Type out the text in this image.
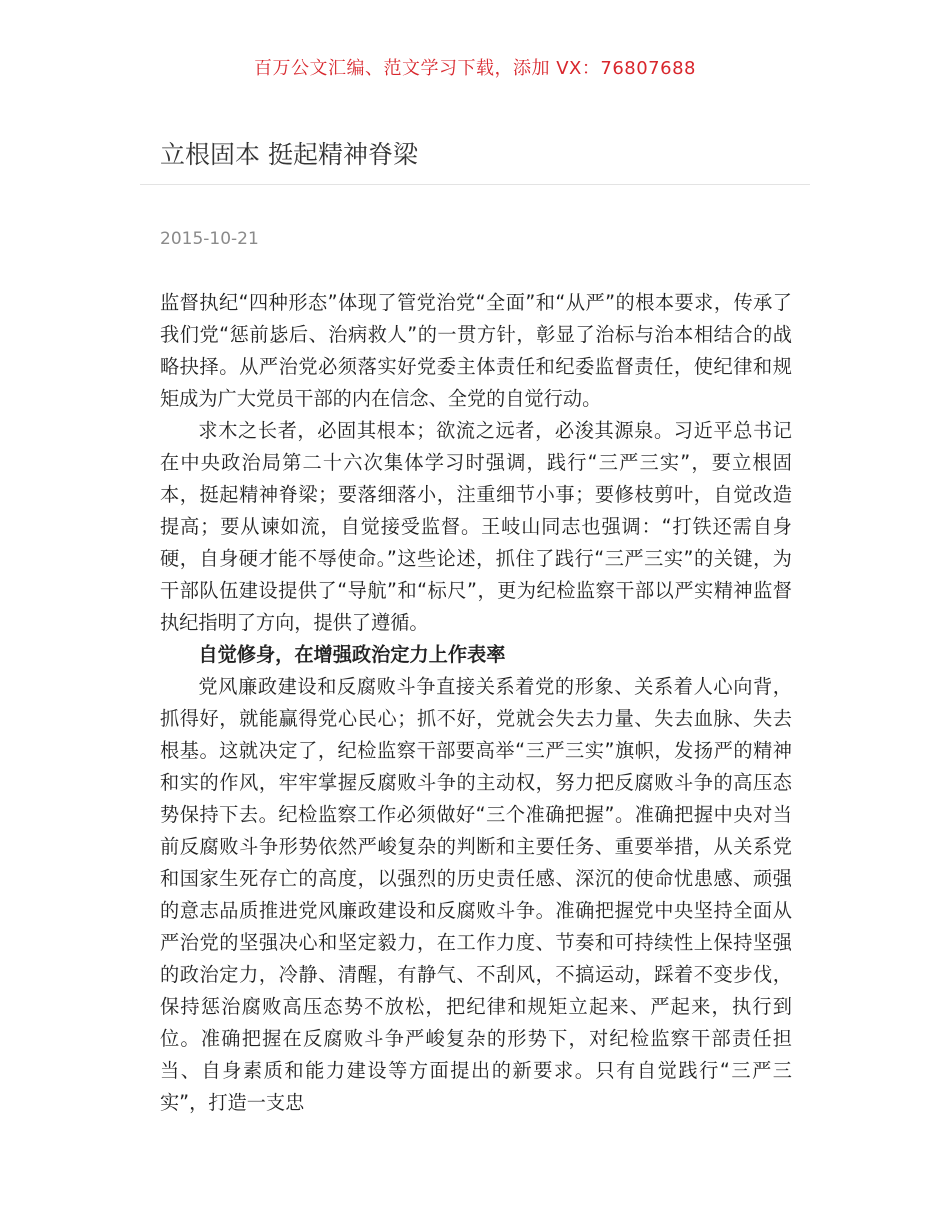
百万公文汇编、范文学习下载，添加 VX：76807688
立根固本 挺起精神脊梁
2015-10-21

监督执纪“四种形态”体现了管党治党“全面”和“从严”的根本要求，传承了我们党“惩前毖后、治病救人”的一贯方针，彰显了治标与治本相结合的战略抉择。从严治党必须落实好党委主体责任和纪委监督责任，使纪律和规矩成为广大党员干部的内在信念、全党的自觉行动。

求木之长者，必固其根本；欲流之远者，必浚其源泉。习近平总书记在中央政治局第二十六次集体学习时强调，践行“三严三实”，要立根固本，挺起精神脊梁；要落细落小，注重细节小事；要修枝剪叶，自觉改造提高；要从谏如流，自觉接受监督。王岐山同志也强调：“打铁还需自身硬，自身硬才能不辱使命。”这些论述，抓住了践行“三严三实”的关键，为干部队伍建设提供了“导航”和“标尺”，更为纪检监察干部以严实精神监督执纪指明了方向，提供了遵循。

自觉修身，在增强政治定力上作表率

党风廉政建设和反腐败斗争直接关系着党的形象、关系着人心向背，抓得好，就能赢得党心民心；抓不好，党就会失去力量、失去血脉、失去根基。这就决定了，纪检监察干部要高举“三严三实”旗帜，发扬严的精神和实的作风，牢牢掌握反腐败斗争的主动权，努力把反腐败斗争的高压态势保持下去。纪检监察工作必须做好“三个准确把握”。准确把握中央对当前反腐败斗争形势依然严峻复杂的判断和主要任务、重要举措，从关系党和国家生死存亡的高度，以强烈的历史责任感、深沉的使命忧患感、顽强的意志品质推进党风廉政建设和反腐败斗争。准确把握党中央坚持全面从严治党的坚强决心和坚定毅力，在工作力度、节奏和可持续性上保持坚强的政治定力，冷静、清醒，有静气、不刮风，不搞运动，踩着不变步伐，保持惩治腐败高压态势不放松，把纪律和规矩立起来、严起来，执行到位。准确把握在反腐败斗争严峻复杂的形势下，对纪检监察干部责任担当、自身素质和能力建设等方面提出的新要求。只有自觉践行“三严三实”，打造一支忠
